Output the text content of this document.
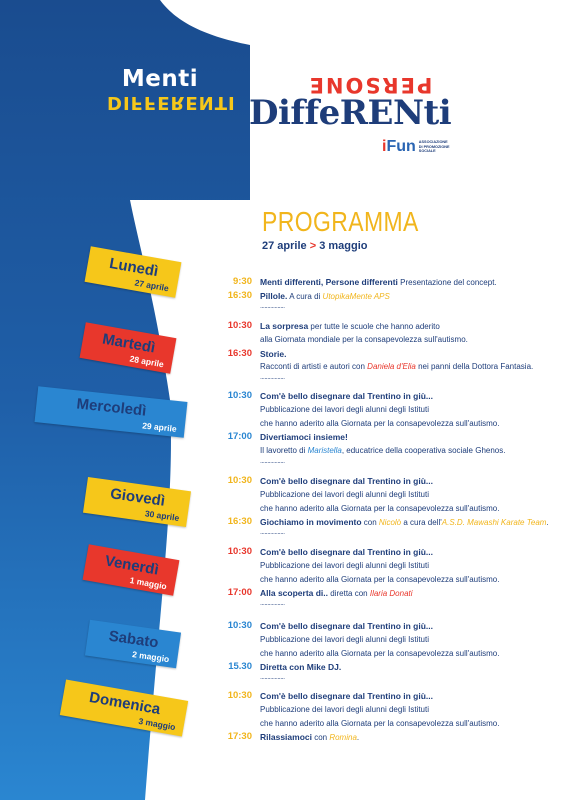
Menti
DIFFERENTI
PERSONE
DiffeRENti
iFun ASSOCIAZIONE
DI PROMOZIONE
SOCIALE
PROGRAMMA
27 aprile > 3 maggio
Lunedì
27 aprile
Martedì
28 aprile
Mercoledì
29 aprile
Giovedì
30 aprile
Venerdì
1 maggio
Sabato
2 maggio
Domenica
3 maggio
9:30 Menti differenti, Persone differenti Presentazione del concept.
16:30 Pillole. A cura di UtopikaMente APS
.................
10:30 La sorpresa per tutte le scuole che hanno aderito
alla Giornata mondiale per la consapevolezza sull'autismo.
16:30 Storie.
Racconti di artisti e autori con Daniela d'Elia nei panni della Dottora Fantasia.
.................
10:30 Com'è bello disegnare dal Trentino in giù...
Pubblicazione dei lavori degli alunni degli Istituti
che hanno aderito alla Giornata per la consapevolezza sull'autismo.
17:00 Divertiamoci insieme!
Il lavoretto di Maristella, educatrice della cooperativa sociale Ghenos.
.................
10:30 Com'è bello disegnare dal Trentino in giù...
Pubblicazione dei lavori degli alunni degli Istituti
che hanno aderito alla Giornata per la consapevolezza sull'autismo.
16:30 Giochiamo in movimento con Nicolò a cura dell'A.S.D. Mawashi Karate Team.
.................
10:30 Com'è bello disegnare dal Trentino in giù...
Pubblicazione dei lavori degli alunni degli Istituti
che hanno aderito alla Giornata per la consapevolezza sull'autismo.
17:00 Alla scoperta di.. diretta con Ilaria Donati
.................
10:30 Com'è bello disegnare dal Trentino in giù...
Pubblicazione dei lavori degli alunni degli Istituti
che hanno aderito alla Giornata per la consapevolezza sull'autismo.
15.30 Diretta con Mike DJ.
.................
10:30 Com'è bello disegnare dal Trentino in giù...
Pubblicazione dei lavori degli alunni degli Istituti
che hanno aderito alla Giornata per la consapevolezza sull'autismo.
17:30 Rilassiamoci con Romina.
